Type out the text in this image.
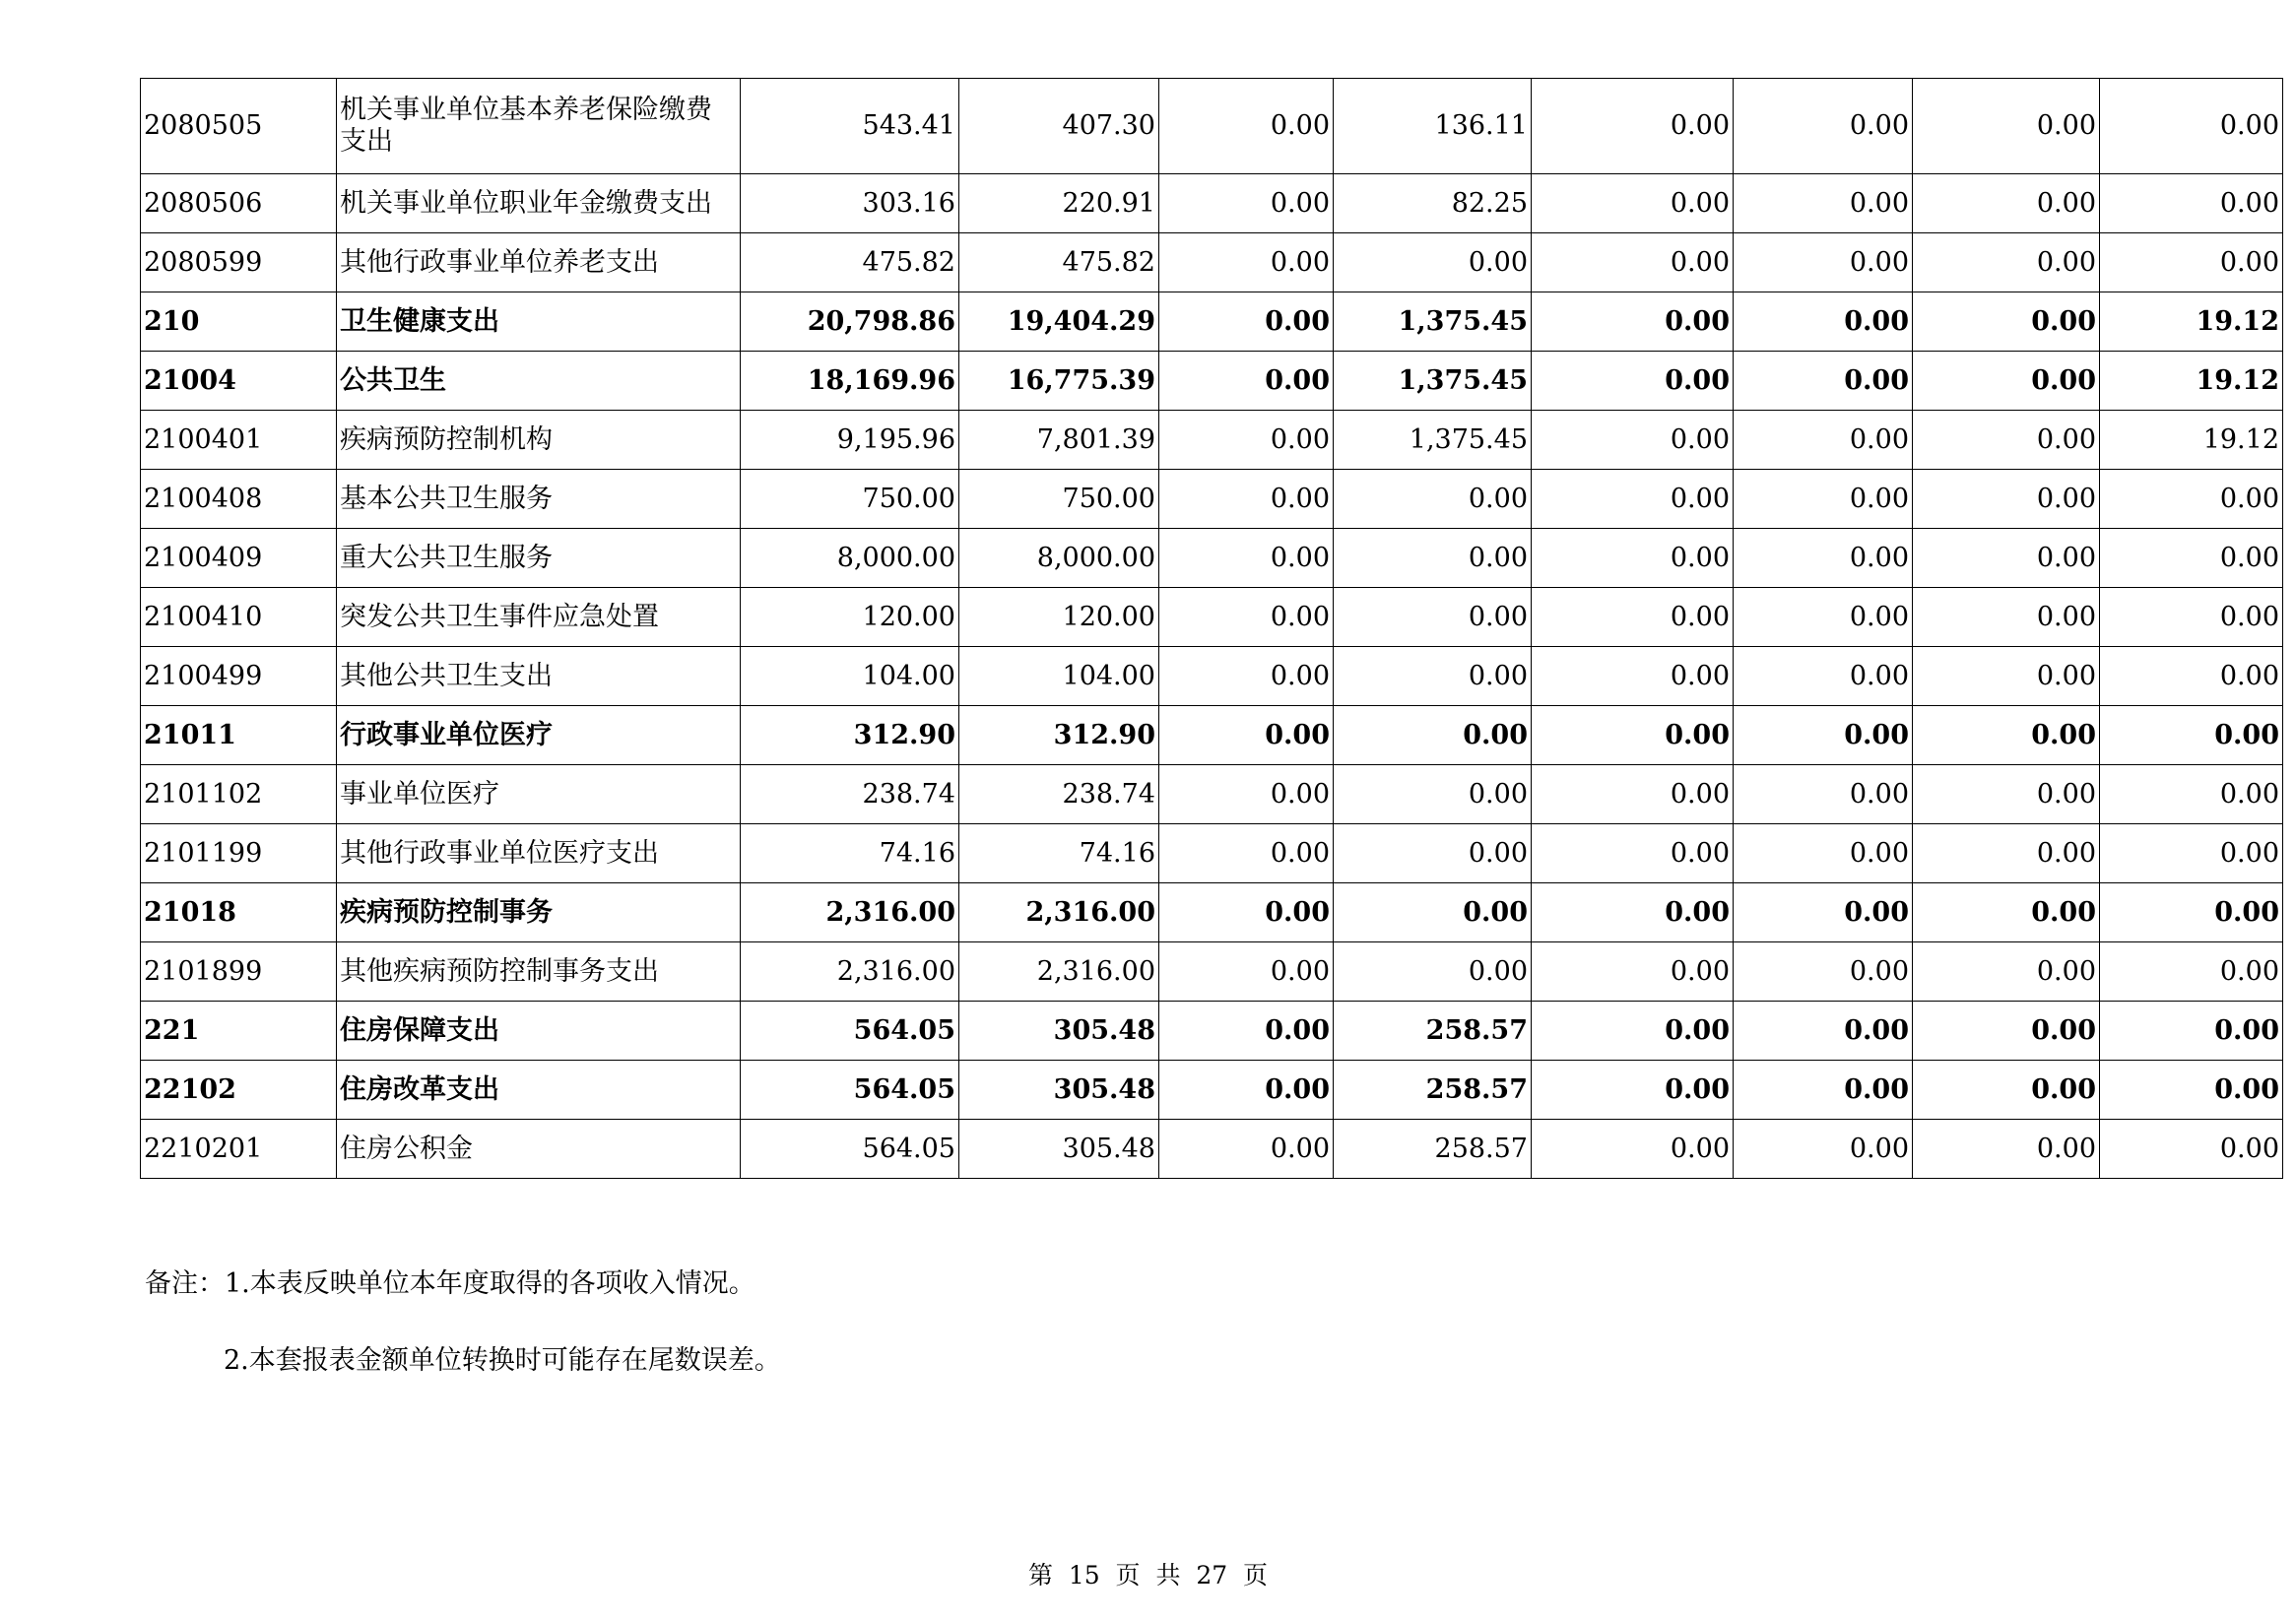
2080505	机关事业单位基本养老保险缴费支出	543.41	407.30	0.00	136.11	0.00	0.00	0.00	0.00
2080506	机关事业单位职业年金缴费支出	303.16	220.91	0.00	82.25	0.00	0.00	0.00	0.00
2080599	其他行政事业单位养老支出	475.82	475.82	0.00	0.00	0.00	0.00	0.00	0.00
210	卫生健康支出	20,798.86	19,404.29	0.00	1,375.45	0.00	0.00	0.00	19.12
21004	公共卫生	18,169.96	16,775.39	0.00	1,375.45	0.00	0.00	0.00	19.12
2100401	疾病预防控制机构	9,195.96	7,801.39	0.00	1,375.45	0.00	0.00	0.00	19.12
2100408	基本公共卫生服务	750.00	750.00	0.00	0.00	0.00	0.00	0.00	0.00
2100409	重大公共卫生服务	8,000.00	8,000.00	0.00	0.00	0.00	0.00	0.00	0.00
2100410	突发公共卫生事件应急处置	120.00	120.00	0.00	0.00	0.00	0.00	0.00	0.00
2100499	其他公共卫生支出	104.00	104.00	0.00	0.00	0.00	0.00	0.00	0.00
21011	行政事业单位医疗	312.90	312.90	0.00	0.00	0.00	0.00	0.00	0.00
2101102	事业单位医疗	238.74	238.74	0.00	0.00	0.00	0.00	0.00	0.00
2101199	其他行政事业单位医疗支出	74.16	74.16	0.00	0.00	0.00	0.00	0.00	0.00
21018	疾病预防控制事务	2,316.00	2,316.00	0.00	0.00	0.00	0.00	0.00	0.00
2101899	其他疾病预防控制事务支出	2,316.00	2,316.00	0.00	0.00	0.00	0.00	0.00	0.00
221	住房保障支出	564.05	305.48	0.00	258.57	0.00	0.00	0.00	0.00
22102	住房改革支出	564.05	305.48	0.00	258.57	0.00	0.00	0.00	0.00
2210201	住房公积金	564.05	305.48	0.00	258.57	0.00	0.00	0.00	0.00
备注：1.本表反映单位本年度取得的各项收入情况。
2.本套报表金额单位转换时可能存在尾数误差。
第  15  页  共  27  页
